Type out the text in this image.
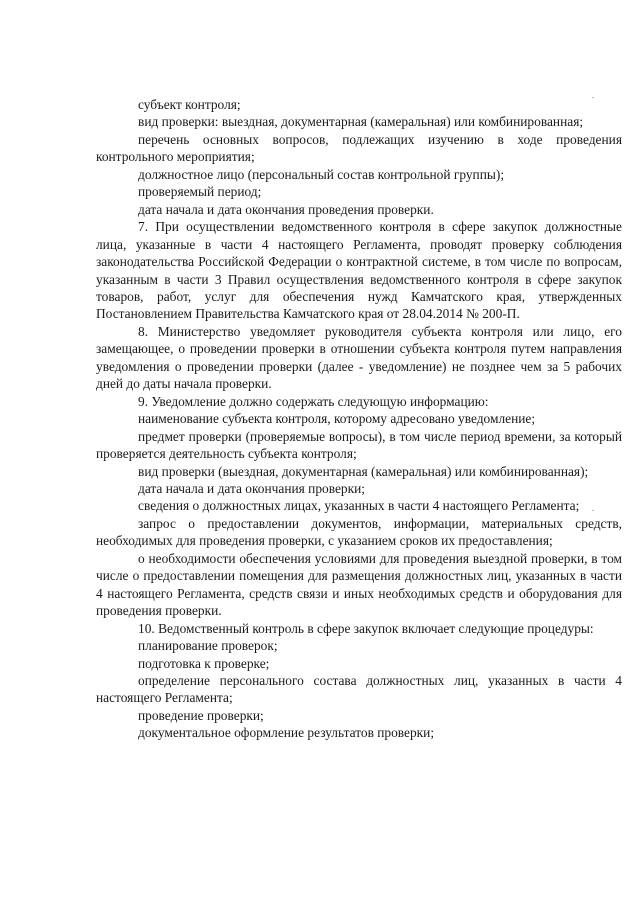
субъект контроля;

вид проверки: выездная, документарная (камеральная) или комбинированная;

перечень основных вопросов, подлежащих изучению в ходе проведения контрольного мероприятия;

должностное лицо (персональный состав контрольной группы);

проверяемый период;

дата начала и дата окончания проведения проверки.

7. При осуществлении ведомственного контроля в сфере закупок должностные лица, указанные в части 4 настоящего Регламента, проводят проверку соблюдения законодательства Российской Федерации о контрактной системе, в том числе по вопросам, указанным в части 3 Правил осуществления ведомственного контроля в сфере закупок товаров, работ, услуг для обеспечения нужд Камчатского края, утвержденных Постановлением Правительства Камчатского края от 28.04.2014 № 200-П.

8. Министерство уведомляет руководителя субъекта контроля или лицо, его замещающее, о проведении проверки в отношении субъекта контроля путем направления уведомления о проведении проверки (далее - уведомление) не позднее чем за 5 рабочих дней до даты начала проверки.

9. Уведомление должно содержать следующую информацию:

наименование субъекта контроля, которому адресовано уведомление;

предмет проверки (проверяемые вопросы), в том числе период времени, за который проверяется деятельность субъекта контроля;

вид проверки (выездная, документарная (камеральная) или комбинированная);

дата начала и дата окончания проверки;

сведения о должностных лицах, указанных в части 4 настоящего Регламента;

запрос о предоставлении документов, информации, материальных средств, необходимых для проведения проверки, с указанием сроков их предоставления;

о необходимости обеспечения условиями для проведения выездной проверки, в том числе о предоставлении помещения для размещения должностных лиц, указанных в части 4 настоящего Регламента, средств связи и иных необходимых средств и оборудования для проведения проверки.

10. Ведомственный контроль в сфере закупок включает следующие процедуры:

планирование проверок;

подготовка к проверке;

определение персонального состава должностных лиц, указанных в части 4 настоящего Регламента;

проведение проверки;

документальное оформление результатов проверки;
